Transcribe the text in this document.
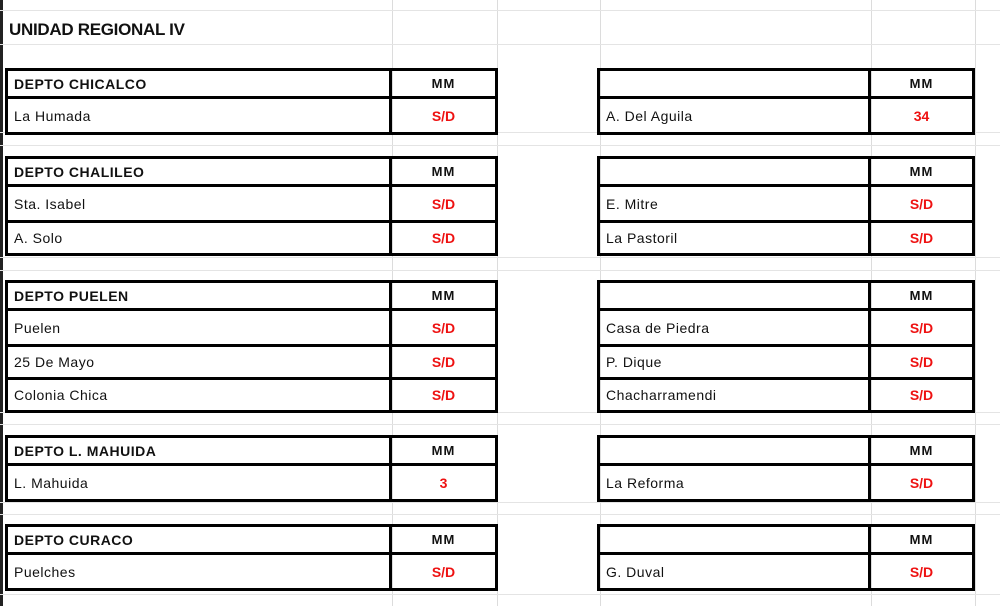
UNIDAD REGIONAL IV
DEPTO CHICALCO	MM
La Humada	S/D
MM
A. Del Aguila	34
DEPTO CHALILEO	MM
Sta. Isabel	S/D
A. Solo	S/D
MM
E. Mitre	S/D
La Pastoril	S/D
DEPTO PUELEN	MM
Puelen	S/D
25 De Mayo	S/D
Colonia Chica	S/D
MM
Casa de Piedra	S/D
P. Dique	S/D
Chacharramendi	S/D
DEPTO L. MAHUIDA	MM
L. Mahuida	3
MM
La Reforma	S/D
DEPTO CURACO	MM
Puelches	S/D
MM
G. Duval	S/D
